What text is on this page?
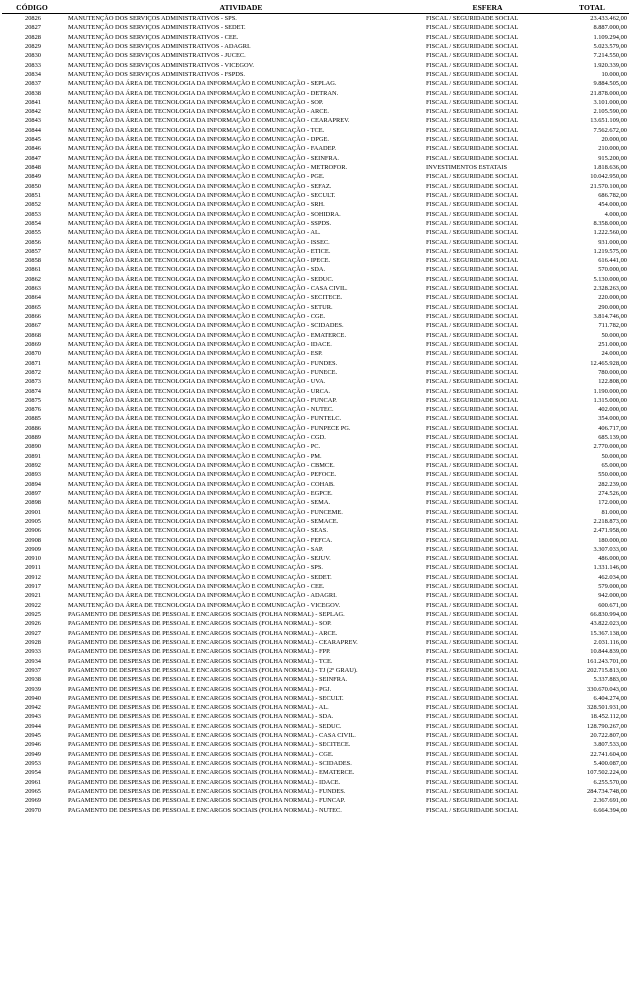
CÓDIGO	ATIVIDADE	ESFERA	TOTAL
20826	MANUTENÇÃO DOS SERVIÇOS ADMINISTRATIVOS - SPS.	FISCAL / SEGURIDADE SOCIAL	23.433.462,00
20827	MANUTENÇÃO DOS SERVIÇOS ADMINISTRATIVOS - SEDET.	FISCAL / SEGURIDADE SOCIAL	8.887.000,00
20828	MANUTENÇÃO DOS SERVIÇOS ADMINISTRATIVOS - CEE.	FISCAL / SEGURIDADE SOCIAL	1.109.294,00
20829	MANUTENÇÃO DOS SERVIÇOS ADMINISTRATIVOS - ADAGRI.	FISCAL / SEGURIDADE SOCIAL	5.023.579,00
20830	MANUTENÇÃO DOS SERVIÇOS ADMINISTRATIVOS - JUCEC.	FISCAL / SEGURIDADE SOCIAL	7.214.550,00
20833	MANUTENÇÃO DOS SERVIÇOS ADMINISTRATIVOS - VICEGOV.	FISCAL / SEGURIDADE SOCIAL	1.920.339,00
20834	MANUTENÇÃO DOS SERVIÇOS ADMINISTRATIVOS - FSPDS.	FISCAL / SEGURIDADE SOCIAL	10.000,00
20837	MANUTENÇÃO DA ÁREA DE TECNOLOGIA DA INFORMAÇÃO E COMUNICAÇÃO - SEPLAG.	FISCAL / SEGURIDADE SOCIAL	9.884.505,00
20838	MANUTENÇÃO DA ÁREA DE TECNOLOGIA DA INFORMAÇÃO E COMUNICAÇÃO - DETRAN.	FISCAL / SEGURIDADE SOCIAL	21.878.000,00
20841	MANUTENÇÃO DA ÁREA DE TECNOLOGIA DA INFORMAÇÃO E COMUNICAÇÃO - SOP.	FISCAL / SEGURIDADE SOCIAL	3.101.000,00
20842	MANUTENÇÃO DA ÁREA DE TECNOLOGIA DA INFORMAÇÃO E COMUNICAÇÃO - ARCE.	FISCAL / SEGURIDADE SOCIAL	2.105.590,00
20843	MANUTENÇÃO DA ÁREA DE TECNOLOGIA DA INFORMAÇÃO E COMUNICAÇÃO - CEARAPREV.	FISCAL / SEGURIDADE SOCIAL	13.651.109,00
20844	MANUTENÇÃO DA ÁREA DE TECNOLOGIA DA INFORMAÇÃO E COMUNICAÇÃO - TCE.	FISCAL / SEGURIDADE SOCIAL	7.562.672,00
20845	MANUTENÇÃO DA ÁREA DE TECNOLOGIA DA INFORMAÇÃO E COMUNICAÇÃO - DPGE.	FISCAL / SEGURIDADE SOCIAL	20.000,00
20846	MANUTENÇÃO DA ÁREA DE TECNOLOGIA DA INFORMAÇÃO E COMUNICAÇÃO - FAADEP.	FISCAL / SEGURIDADE SOCIAL	210.000,00
20847	MANUTENÇÃO DA ÁREA DE TECNOLOGIA DA INFORMAÇÃO E COMUNICAÇÃO - SEINFRA.	FISCAL / SEGURIDADE SOCIAL	915.200,00
20848	MANUTENÇÃO DA ÁREA DE TECNOLOGIA DA INFORMAÇÃO E COMUNICAÇÃO - METROFOR.	INVESTIMENTOS ESTATAIS	1.818.636,00
20849	MANUTENÇÃO DA ÁREA DE TECNOLOGIA DA INFORMAÇÃO E COMUNICAÇÃO - PGE.	FISCAL / SEGURIDADE SOCIAL	10.042.950,00
20850	MANUTENÇÃO DA ÁREA DE TECNOLOGIA DA INFORMAÇÃO E COMUNICAÇÃO - SEFAZ.	FISCAL / SEGURIDADE SOCIAL	21.570.100,00
20851	MANUTENÇÃO DA ÁREA DE TECNOLOGIA DA INFORMAÇÃO E COMUNICAÇÃO - SECULT.	FISCAL / SEGURIDADE SOCIAL	686.782,00
20852	MANUTENÇÃO DA ÁREA DE TECNOLOGIA DA INFORMAÇÃO E COMUNICAÇÃO - SRH.	FISCAL / SEGURIDADE SOCIAL	454.000,00
20853	MANUTENÇÃO DA ÁREA DE TECNOLOGIA DA INFORMAÇÃO E COMUNICAÇÃO - SOHIDRA.	FISCAL / SEGURIDADE SOCIAL	4.000,00
20854	MANUTENÇÃO DA ÁREA DE TECNOLOGIA DA INFORMAÇÃO E COMUNICAÇÃO - SSPDS.	FISCAL / SEGURIDADE SOCIAL	8.358.000,00
20855	MANUTENÇÃO DA ÁREA DE TECNOLOGIA DA INFORMAÇÃO E COMUNICAÇÃO - AL.	FISCAL / SEGURIDADE SOCIAL	1.222.560,00
20856	MANUTENÇÃO DA ÁREA DE TECNOLOGIA DA INFORMAÇÃO E COMUNICAÇÃO - ISSEC.	FISCAL / SEGURIDADE SOCIAL	931.000,00
20857	MANUTENÇÃO DA ÁREA DE TECNOLOGIA DA INFORMAÇÃO E COMUNICAÇÃO - ETICE.	FISCAL / SEGURIDADE SOCIAL	1.219.575,00
20858	MANUTENÇÃO DA ÁREA DE TECNOLOGIA DA INFORMAÇÃO E COMUNICAÇÃO - IPECE.	FISCAL / SEGURIDADE SOCIAL	616.441,00
20861	MANUTENÇÃO DA ÁREA DE TECNOLOGIA DA INFORMAÇÃO E COMUNICAÇÃO - SDA.	FISCAL / SEGURIDADE SOCIAL	570.000,00
20862	MANUTENÇÃO DA ÁREA DE TECNOLOGIA DA INFORMAÇÃO E COMUNICAÇÃO - SEDUC.	FISCAL / SEGURIDADE SOCIAL	5.130.000,00
20863	MANUTENÇÃO DA ÁREA DE TECNOLOGIA DA INFORMAÇÃO E COMUNICAÇÃO - CASA CIVIL.	FISCAL / SEGURIDADE SOCIAL	2.328.263,00
20864	MANUTENÇÃO DA ÁREA DE TECNOLOGIA DA INFORMAÇÃO E COMUNICAÇÃO - SECITECE.	FISCAL / SEGURIDADE SOCIAL	220.000,00
20865	MANUTENÇÃO DA ÁREA DE TECNOLOGIA DA INFORMAÇÃO E COMUNICAÇÃO - SETUR.	FISCAL / SEGURIDADE SOCIAL	290.000,00
20866	MANUTENÇÃO DA ÁREA DE TECNOLOGIA DA INFORMAÇÃO E COMUNICAÇÃO - CGE.	FISCAL / SEGURIDADE SOCIAL	3.814.746,00
20867	MANUTENÇÃO DA ÁREA DE TECNOLOGIA DA INFORMAÇÃO E COMUNICAÇÃO - SCIDADES.	FISCAL / SEGURIDADE SOCIAL	711.782,00
20868	MANUTENÇÃO DA ÁREA DE TECNOLOGIA DA INFORMAÇÃO E COMUNICAÇÃO - EMATERCE.	FISCAL / SEGURIDADE SOCIAL	50.000,00
20869	MANUTENÇÃO DA ÁREA DE TECNOLOGIA DA INFORMAÇÃO E COMUNICAÇÃO - IDACE.	FISCAL / SEGURIDADE SOCIAL	251.000,00
20870	MANUTENÇÃO DA ÁREA DE TECNOLOGIA DA INFORMAÇÃO E COMUNICAÇÃO - ESP.	FISCAL / SEGURIDADE SOCIAL	24.000,00
20871	MANUTENÇÃO DA ÁREA DE TECNOLOGIA DA INFORMAÇÃO E COMUNICAÇÃO - FUNDES.	FISCAL / SEGURIDADE SOCIAL	12.465.928,00
20872	MANUTENÇÃO DA ÁREA DE TECNOLOGIA DA INFORMAÇÃO E COMUNICAÇÃO - FUNECE.	FISCAL / SEGURIDADE SOCIAL	780.000,00
20873	MANUTENÇÃO DA ÁREA DE TECNOLOGIA DA INFORMAÇÃO E COMUNICAÇÃO - UVA.	FISCAL / SEGURIDADE SOCIAL	122.808,00
20874	MANUTENÇÃO DA ÁREA DE TECNOLOGIA DA INFORMAÇÃO E COMUNICAÇÃO - URCA.	FISCAL / SEGURIDADE SOCIAL	1.190.000,00
20875	MANUTENÇÃO DA ÁREA DE TECNOLOGIA DA INFORMAÇÃO E COMUNICAÇÃO - FUNCAP.	FISCAL / SEGURIDADE SOCIAL	1.315.000,00
20876	MANUTENÇÃO DA ÁREA DE TECNOLOGIA DA INFORMAÇÃO E COMUNICAÇÃO - NUTEC.	FISCAL / SEGURIDADE SOCIAL	402.000,00
20885	MANUTENÇÃO DA ÁREA DE TECNOLOGIA DA INFORMAÇÃO E COMUNICAÇÃO - FUNTELC.	FISCAL / SEGURIDADE SOCIAL	354.000,00
20886	MANUTENÇÃO DA ÁREA DE TECNOLOGIA DA INFORMAÇÃO E COMUNICAÇÃO - FUNPECE PG.	FISCAL / SEGURIDADE SOCIAL	406.717,00
20889	MANUTENÇÃO DA ÁREA DE TECNOLOGIA DA INFORMAÇÃO E COMUNICAÇÃO - CGD.	FISCAL / SEGURIDADE SOCIAL	685.139,00
20890	MANUTENÇÃO DA ÁREA DE TECNOLOGIA DA INFORMAÇÃO E COMUNICAÇÃO - PC.	FISCAL / SEGURIDADE SOCIAL	2.770.000,00
20891	MANUTENÇÃO DA ÁREA DE TECNOLOGIA DA INFORMAÇÃO E COMUNICAÇÃO - PM.	FISCAL / SEGURIDADE SOCIAL	50.000,00
20892	MANUTENÇÃO DA ÁREA DE TECNOLOGIA DA INFORMAÇÃO E COMUNICAÇÃO - CBMCE.	FISCAL / SEGURIDADE SOCIAL	65.000,00
20893	MANUTENÇÃO DA ÁREA DE TECNOLOGIA DA INFORMAÇÃO E COMUNICAÇÃO - PEFOCE.	FISCAL / SEGURIDADE SOCIAL	550.000,00
20894	MANUTENÇÃO DA ÁREA DE TECNOLOGIA DA INFORMAÇÃO E COMUNICAÇÃO - COHAB.	FISCAL / SEGURIDADE SOCIAL	282.239,00
20897	MANUTENÇÃO DA ÁREA DE TECNOLOGIA DA INFORMAÇÃO E COMUNICAÇÃO - EGPCE.	FISCAL / SEGURIDADE SOCIAL	274.526,00
20898	MANUTENÇÃO DA ÁREA DE TECNOLOGIA DA INFORMAÇÃO E COMUNICAÇÃO - SEMA.	FISCAL / SEGURIDADE SOCIAL	172.000,00
20901	MANUTENÇÃO DA ÁREA DE TECNOLOGIA DA INFORMAÇÃO E COMUNICAÇÃO - FUNCEME.	FISCAL / SEGURIDADE SOCIAL	81.000,00
20905	MANUTENÇÃO DA ÁREA DE TECNOLOGIA DA INFORMAÇÃO E COMUNICAÇÃO - SEMACE.	FISCAL / SEGURIDADE SOCIAL	2.218.873,00
20906	MANUTENÇÃO DA ÁREA DE TECNOLOGIA DA INFORMAÇÃO E COMUNICAÇÃO - SEAS.	FISCAL / SEGURIDADE SOCIAL	2.471.958,00
20908	MANUTENÇÃO DA ÁREA DE TECNOLOGIA DA INFORMAÇÃO E COMUNICAÇÃO - FEFCA.	FISCAL / SEGURIDADE SOCIAL	180.000,00
20909	MANUTENÇÃO DA ÁREA DE TECNOLOGIA DA INFORMAÇÃO E COMUNICAÇÃO - SAP.	FISCAL / SEGURIDADE SOCIAL	3.307.033,00
20910	MANUTENÇÃO DA ÁREA DE TECNOLOGIA DA INFORMAÇÃO E COMUNICAÇÃO - SEJUV.	FISCAL / SEGURIDADE SOCIAL	486.000,00
20911	MANUTENÇÃO DA ÁREA DE TECNOLOGIA DA INFORMAÇÃO E COMUNICAÇÃO - SPS.	FISCAL / SEGURIDADE SOCIAL	1.331.146,00
20912	MANUTENÇÃO DA ÁREA DE TECNOLOGIA DA INFORMAÇÃO E COMUNICAÇÃO - SEDET.	FISCAL / SEGURIDADE SOCIAL	462.034,00
20917	MANUTENÇÃO DA ÁREA DE TECNOLOGIA DA INFORMAÇÃO E COMUNICAÇÃO - CEE.	FISCAL / SEGURIDADE SOCIAL	579.000,00
20921	MANUTENÇÃO DA ÁREA DE TECNOLOGIA DA INFORMAÇÃO E COMUNICAÇÃO - ADAGRI.	FISCAL / SEGURIDADE SOCIAL	942.000,00
20922	MANUTENÇÃO DA ÁREA DE TECNOLOGIA DA INFORMAÇÃO E COMUNICAÇÃO - VICEGOV.	FISCAL / SEGURIDADE SOCIAL	600.671,00
20925	PAGAMENTO DE DESPESAS DE PESSOAL E ENCARGOS SOCIAIS (FOLHA NORMAL) - SEPLAG.	FISCAL / SEGURIDADE SOCIAL	66.830.994,00
20926	PAGAMENTO DE DESPESAS DE PESSOAL E ENCARGOS SOCIAIS (FOLHA NORMAL) - SOP.	FISCAL / SEGURIDADE SOCIAL	43.822.023,00
20927	PAGAMENTO DE DESPESAS DE PESSOAL E ENCARGOS SOCIAIS (FOLHA NORMAL) - ARCE.	FISCAL / SEGURIDADE SOCIAL	15.367.138,00
20928	PAGAMENTO DE DESPESAS DE PESSOAL E ENCARGOS SOCIAIS (FOLHA NORMAL) - CEARAPREV.	FISCAL / SEGURIDADE SOCIAL	2.031.116,00
20933	PAGAMENTO DE DESPESAS DE PESSOAL E ENCARGOS SOCIAIS (FOLHA NORMAL) - FPP.	FISCAL / SEGURIDADE SOCIAL	10.844.839,00
20934	PAGAMENTO DE DESPESAS DE PESSOAL E ENCARGOS SOCIAIS (FOLHA NORMAL) - TCE.	FISCAL / SEGURIDADE SOCIAL	161.243.701,00
20937	PAGAMENTO DE DESPESAS DE PESSOAL E ENCARGOS SOCIAIS (FOLHA NORMAL) - TJ (2º GRAU).	FISCAL / SEGURIDADE SOCIAL	202.715.813,00
20938	PAGAMENTO DE DESPESAS DE PESSOAL E ENCARGOS SOCIAIS (FOLHA NORMAL) - SEINFRA.	FISCAL / SEGURIDADE SOCIAL	5.337.883,00
20939	PAGAMENTO DE DESPESAS DE PESSOAL E ENCARGOS SOCIAIS (FOLHA NORMAL) - PGJ.	FISCAL / SEGURIDADE SOCIAL	330.670.043,00
20940	PAGAMENTO DE DESPESAS DE PESSOAL E ENCARGOS SOCIAIS (FOLHA NORMAL) - SECULT.	FISCAL / SEGURIDADE SOCIAL	6.404.274,00
20942	PAGAMENTO DE DESPESAS DE PESSOAL E ENCARGOS SOCIAIS (FOLHA NORMAL) - AL.	FISCAL / SEGURIDADE SOCIAL	328.501.931,00
20943	PAGAMENTO DE DESPESAS DE PESSOAL E ENCARGOS SOCIAIS (FOLHA NORMAL) - SDA.	FISCAL / SEGURIDADE SOCIAL	18.452.112,00
20944	PAGAMENTO DE DESPESAS DE PESSOAL E ENCARGOS SOCIAIS (FOLHA NORMAL) - SEDUC.	FISCAL / SEGURIDADE SOCIAL	128.790.267,00
20945	PAGAMENTO DE DESPESAS DE PESSOAL E ENCARGOS SOCIAIS (FOLHA NORMAL) - CASA CIVIL.	FISCAL / SEGURIDADE SOCIAL	20.722.807,00
20946	PAGAMENTO DE DESPESAS DE PESSOAL E ENCARGOS SOCIAIS (FOLHA NORMAL) - SECITECE.	FISCAL / SEGURIDADE SOCIAL	3.807.533,00
20949	PAGAMENTO DE DESPESAS DE PESSOAL E ENCARGOS SOCIAIS (FOLHA NORMAL) - CGE.	FISCAL / SEGURIDADE SOCIAL	22.741.604,00
20953	PAGAMENTO DE DESPESAS DE PESSOAL E ENCARGOS SOCIAIS (FOLHA NORMAL) - SCIDADES.	FISCAL / SEGURIDADE SOCIAL	5.400.087,00
20954	PAGAMENTO DE DESPESAS DE PESSOAL E ENCARGOS SOCIAIS (FOLHA NORMAL) - EMATERCE.	FISCAL / SEGURIDADE SOCIAL	107.502.224,00
20961	PAGAMENTO DE DESPESAS DE PESSOAL E ENCARGOS SOCIAIS (FOLHA NORMAL) - IDACE.	FISCAL / SEGURIDADE SOCIAL	6.255.570,00
20965	PAGAMENTO DE DESPESAS DE PESSOAL E ENCARGOS SOCIAIS (FOLHA NORMAL) - FUNDES.	FISCAL / SEGURIDADE SOCIAL	284.734.748,00
20969	PAGAMENTO DE DESPESAS DE PESSOAL E ENCARGOS SOCIAIS (FOLHA NORMAL) - FUNCAP.	FISCAL / SEGURIDADE SOCIAL	2.367.691,00
20970	PAGAMENTO DE DESPESAS DE PESSOAL E ENCARGOS SOCIAIS (FOLHA NORMAL) - NUTEC.	FISCAL / SEGURIDADE SOCIAL	6.664.394,00
